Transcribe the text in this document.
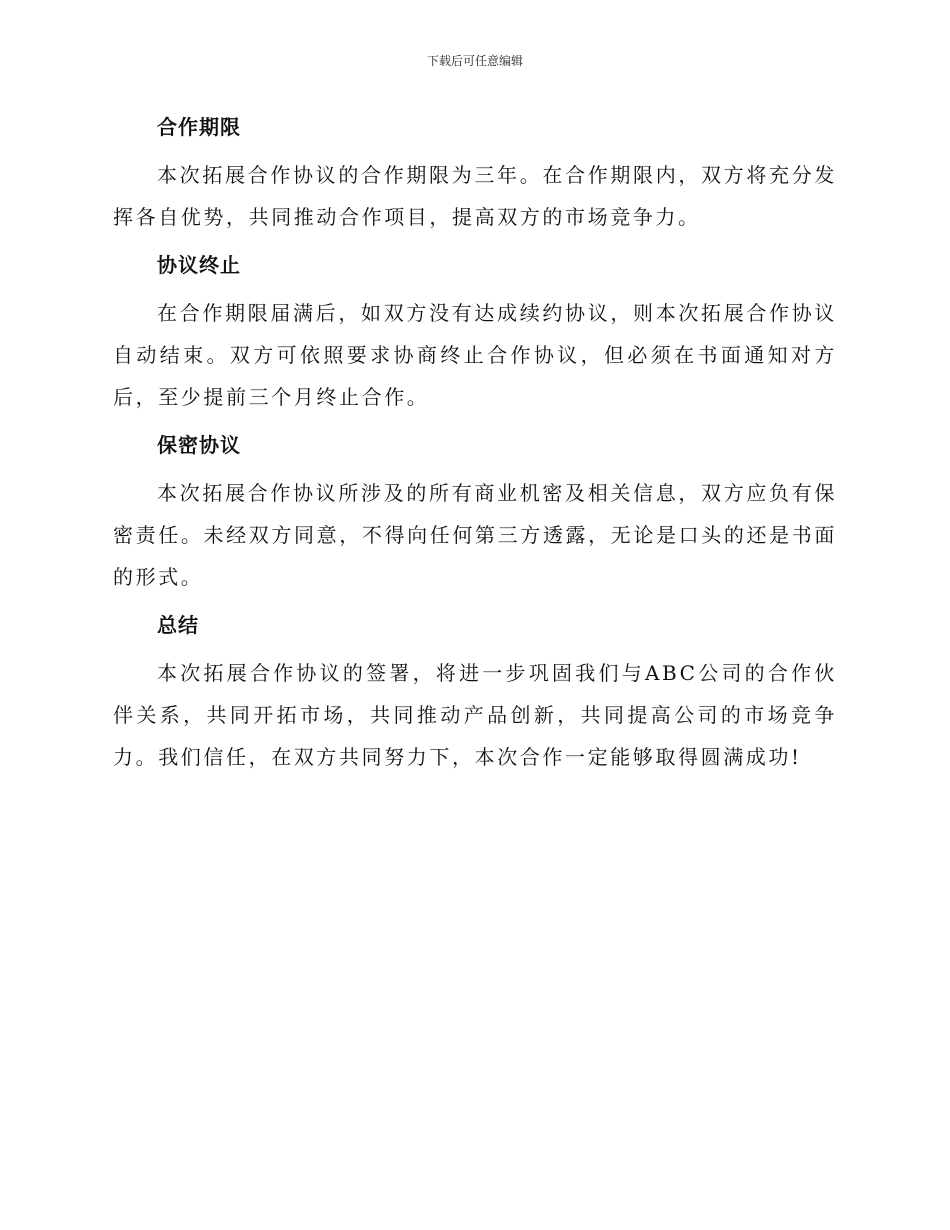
下载后可任意编辑
合作期限

本次拓展合作协议的合作期限为三年。在合作期限内，双方将充分发挥各自优势，共同推动合作项目，提高双方的市场竞争力。

协议终止

在合作期限届满后，如双方没有达成续约协议，则本次拓展合作协议自动结束。双方可依照要求协商终止合作协议，但必须在书面通知对方后，至少提前三个月终止合作。

保密协议

本次拓展合作协议所涉及的所有商业机密及相关信息，双方应负有保密责任。未经双方同意，不得向任何第三方透露，无论是口头的还是书面的形式。

总结

本次拓展合作协议的签署，将进一步巩固我们与ABC公司的合作伙伴关系，共同开拓市场，共同推动产品创新，共同提高公司的市场竞争力。我们信任，在双方共同努力下，本次合作一定能够取得圆满成功!
